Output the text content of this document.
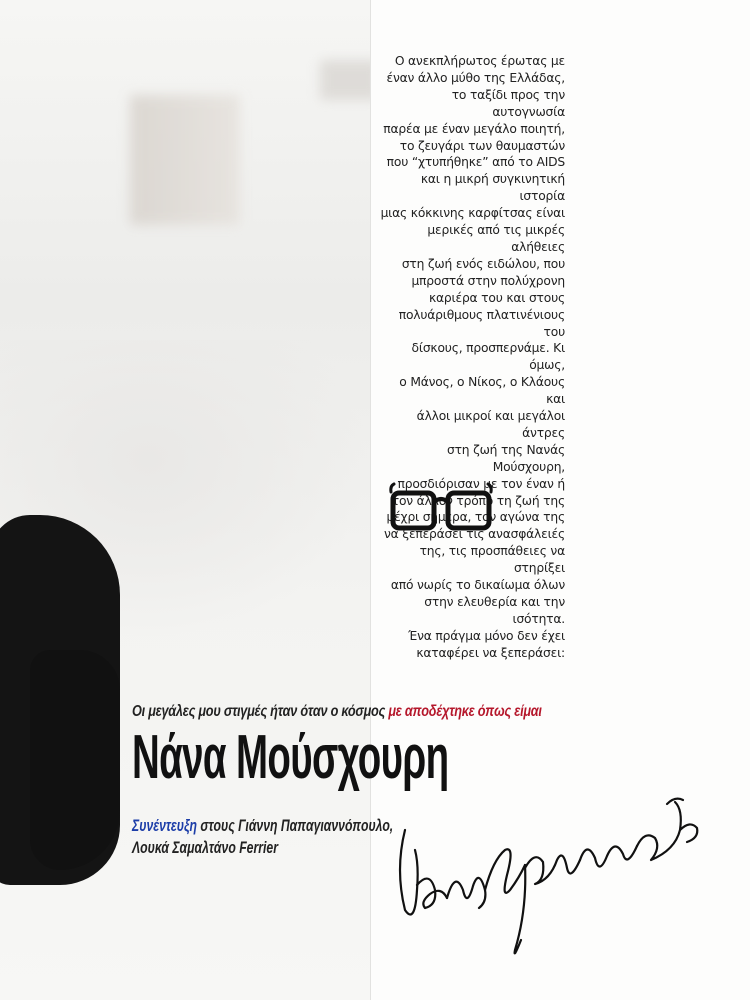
Ο ανεκπλήρωτος έρωτας με
έναν άλλο μύθο της Ελλάδας,
το ταξίδι προς την αυτογνωσία
παρέα με έναν μεγάλο ποιητή,
το ζευγάρι των θαυμαστών
που “χτυπήθηκε” από το AIDS
και η μικρή συγκινητική ιστορία
μιας κόκκινης καρφίτσας είναι
μερικές από τις μικρές αλήθειες
στη ζωή ενός ειδώλου, που
μπροστά στην πολύχρονη
καριέρα του και στους
πολυάριθμους πλατινένιους του
δίσκους, προσπερνάμε. Κι όμως,
ο Μάνος, ο Νίκος, ο Κλάους και
άλλοι μικροί και μεγάλοι άντρες
στη ζωή της Νανάς Μούσχουρη,
προσδιόρισαν με τον έναν ή
τον άλλον τρόπο τη ζωή της
μέχρι σήμερα, τον αγώνα της
να ξεπεράσει τις ανασφάλειές
της, τις προσπάθειες να στηρίξει
από νωρίς το δικαίωμα όλων
στην ελευθερία και την ισότητα.
Ένα πράγμα μόνο δεν έχει
καταφέρει να ξεπεράσει:
Οι μεγάλες μου στιγμές ήταν όταν ο κόσμος με αποδέχτηκε όπως είμαι
Νάνα Μούσχουρη
Συνέντευξη στους Γιάννη Παπαγιαννόπουλο,
Λουκά Σαμαλτάνο Ferrier
